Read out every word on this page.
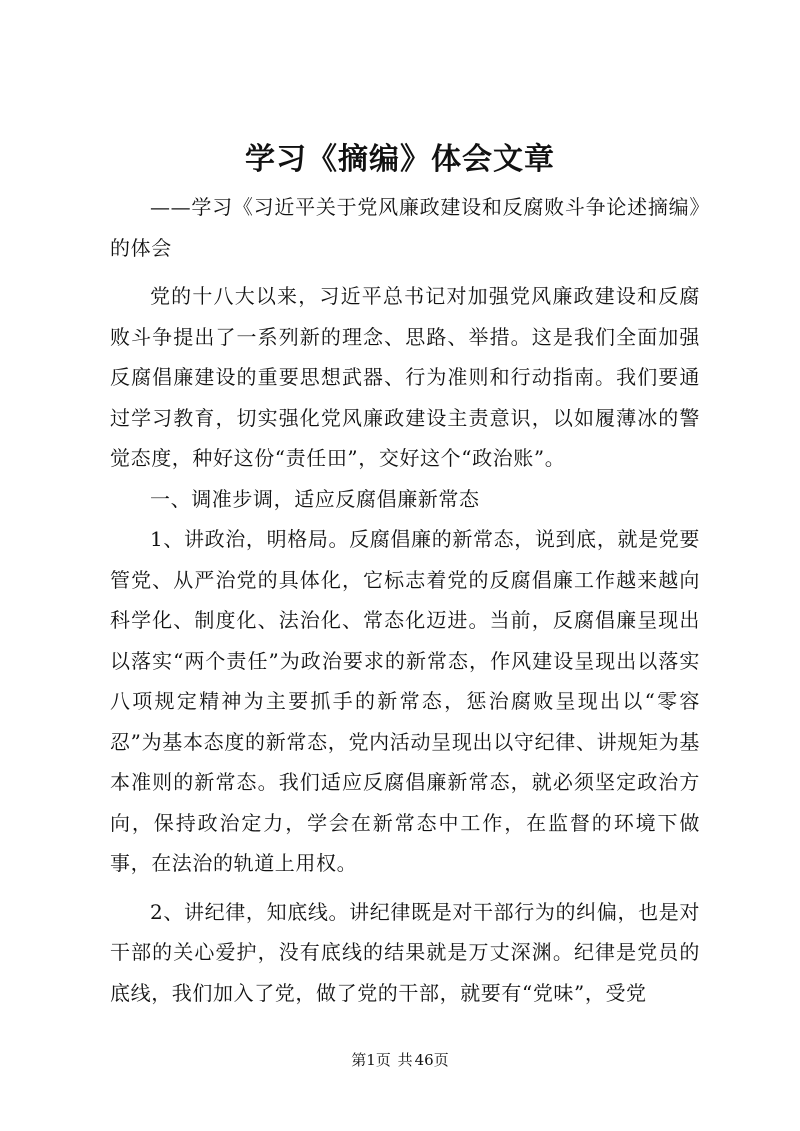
学习《摘编》体会文章

——学习《习近平关于党风廉政建设和反腐败斗争论述摘编》的体会

党的十八大以来，习近平总书记对加强党风廉政建设和反腐败斗争提出了一系列新的理念、思路、举措。这是我们全面加强反腐倡廉建设的重要思想武器、行为准则和行动指南。我们要通过学习教育，切实强化党风廉政建设主责意识，以如履薄冰的警觉态度，种好这份“责任田”，交好这个“政治账”。

一、调准步调，适应反腐倡廉新常态

1、讲政治，明格局。反腐倡廉的新常态，说到底，就是党要管党、从严治党的具体化，它标志着党的反腐倡廉工作越来越向科学化、制度化、法治化、常态化迈进。当前，反腐倡廉呈现出以落实“两个责任”为政治要求的新常态，作风建设呈现出以落实八项规定精神为主要抓手的新常态，惩治腐败呈现出以“零容忍”为基本态度的新常态，党内活动呈现出以守纪律、讲规矩为基本准则的新常态。我们适应反腐倡廉新常态，就必须坚定政治方向，保持政治定力，学会在新常态中工作，在监督的环境下做事，在法治的轨道上用权。

2、讲纪律，知底线。讲纪律既是对干部行为的纠偏，也是对干部的关心爱护，没有底线的结果就是万丈深渊。纪律是党员的底线，我们加入了党，做了党的干部，就要有“党味”，受党

第1页 共 46页
